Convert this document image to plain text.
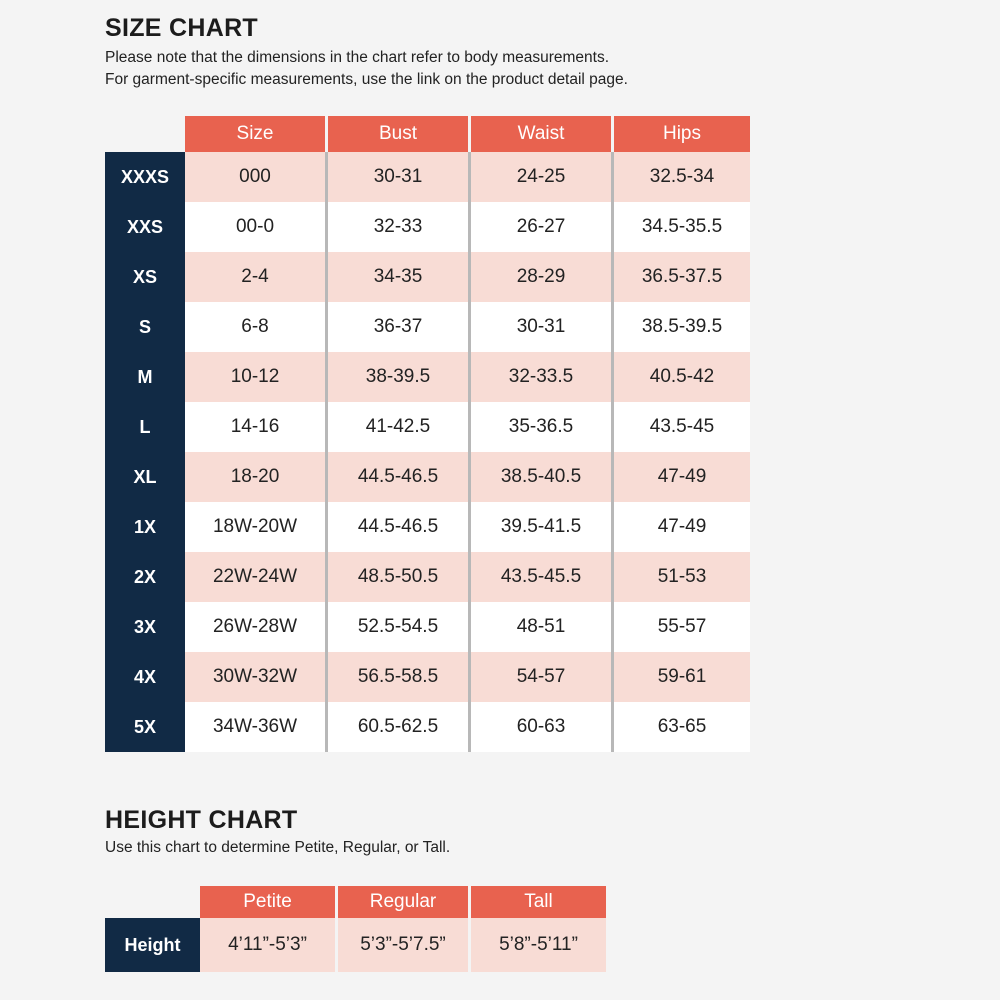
SIZE CHART

Please note that the dimensions in the chart refer to body measurements.

For garment-specific measurements, use the link on the product detail page.

	Size	Bust	Waist	Hips
XXXS	000	30-31	24-25	32.5-34
XXS	00-0	32-33	26-27	34.5-35.5
XS	2-4	34-35	28-29	36.5-37.5
S	6-8	36-37	30-31	38.5-39.5
M	10-12	38-39.5	32-33.5	40.5-42
L	14-16	41-42.5	35-36.5	43.5-45
XL	18-20	44.5-46.5	38.5-40.5	47-49
1X	18W-20W	44.5-46.5	39.5-41.5	47-49
2X	22W-24W	48.5-50.5	43.5-45.5	51-53
3X	26W-28W	52.5-54.5	48-51	55-57
4X	30W-32W	56.5-58.5	54-57	59-61
5X	34W-36W	60.5-62.5	60-63	63-65
HEIGHT CHART

Use this chart to determine Petite, Regular, or Tall.

	Petite	Regular	Tall
Height	4’11”-5’3”	5’3”-5’7.5”	5’8”-5’11”
